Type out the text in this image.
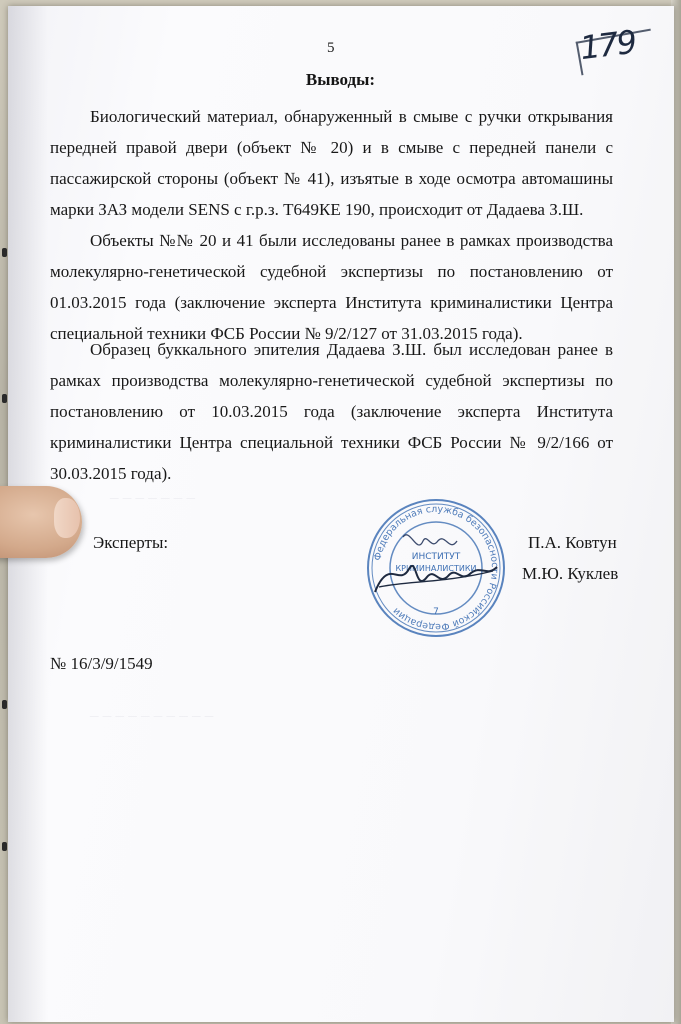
_ _ _ _ _ _ _
_ _ _ _ _ _ _ _ _ _
5	179
Выводы:

Биологический материал, обнаруженный в смыве с ручки открывания передней правой двери (объект № 20) и в смыве с передней панели с пассажирской стороны (объект № 41), изъятые в ходе осмотра автомашины марки ЗАЗ модели SENS с г.р.з. Т649КЕ 190, происходит от Дадаева З.Ш.

Объекты №№ 20 и 41 были исследованы ранее в рамках производства молекулярно-генетической судебной экспертизы по постановлению от 01.03.2015 года (заключение эксперта Института криминалистики Центра специальной техники ФСБ России № 9/2/127 от 31.03.2015 года).

Образец буккального эпителия Дадаева З.Ш. был исследован ранее в рамках производства молекулярно-генетической судебной экспертизы по постановлению от 10.03.2015 года (заключение эксперта Института криминалистики Центра специальной техники ФСБ России № 9/2/166 от 30.03.2015 года).

Эксперты:	П.А. Ковтун
М.Ю. Куклев
Федеральная служба безопасности Российской Федерации
ИНСТИТУТ
КРИМИНАЛИСТИКИ
7
№ 16/3/9/1549
